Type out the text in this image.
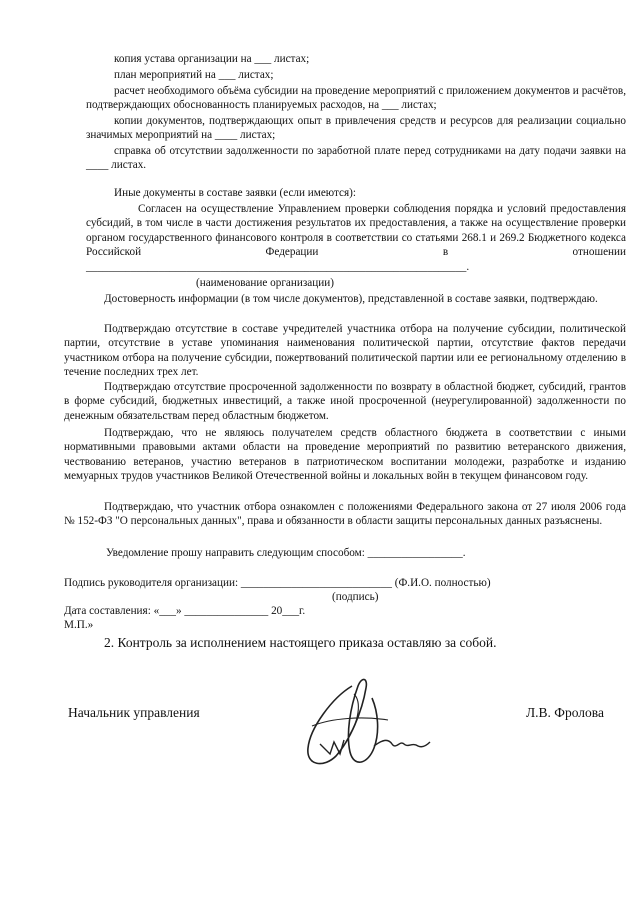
копия устава организации на ___ листах;

план мероприятий на ___ листах;

расчет необходимого объёма субсидии на проведение мероприятий с приложением документов и расчётов, подтверждающих обоснованность планируемых расходов, на ___ листах;

копии документов, подтверждающих опыт в привлечения средств и ресурсов для реализации социально значимых мероприятий на ____ листах;

справка об отсутствии задолженности по заработной плате перед сотрудниками на дату подачи заявки на ____ листах.

Иные документы в составе заявки (если имеются):

Согласен на осуществление Управлением проверки соблюдения порядка и условий предоставления субсидий, в том числе в части достижения результатов их предоставления, а также на осуществление проверки органом государственного финансового контроля в соответствии со статьями 268.1 и 269.2 Бюджетного кодекса Российской Федерации в отношении ____________________________________________________________________.

(наименование организации)

Достоверность информации (в том числе документов), представленной в составе заявки, подтверждаю.

Подтверждаю отсутствие в составе учредителей участника отбора на получение субсидии, политической партии, отсутствие в уставе упоминания наименования политической партии, отсутствие фактов передачи участником отбора на получение субсидии, пожертвований политической партии или ее региональному отделению в течение последних трех лет.

Подтверждаю отсутствие просроченной задолженности по возврату в областной бюджет, субсидий, грантов в форме субсидий, бюджетных инвестиций, а также иной просроченной (неурегулированной) задолженности по денежным обязательствам перед областным бюджетом.

Подтверждаю, что не являюсь получателем средств областного бюджета в соответствии с иными нормативными правовыми актами области на проведение мероприятий по развитию ветеранского движения, чествованию ветеранов, участию ветеранов в патриотическом воспитании молодежи, разработке и изданию мемуарных трудов участников Великой Отечественной войны и локальных войн в текущем финансовом году.

Подтверждаю, что участник отбора ознакомлен с положениями Федерального закона от 27 июля 2006 года № 152-ФЗ "О персональных данных", права и обязанности в области защиты персональных данных разъяснены.

Уведомление прошу направить следующим способом: _________________.

Подпись руководителя организации: ___________________________ (Ф.И.О. полностью)

(подпись)

Дата составления: «___» _______________ 20___г.

М.П.»

2. Контроль за исполнением настоящего приказа оставляю за собой.

Начальник управления	Л.В. Фролова
